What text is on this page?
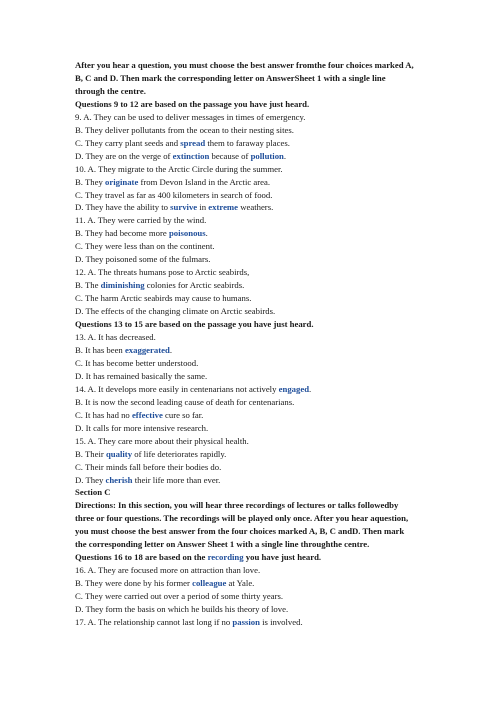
After you hear a question, you must choose the best answer fromthe four choices marked A,
B, C and D. Then mark the corresponding letter on AnswerSheet 1 with a single line
through the centre.
Questions 9 to 12 are based on the passage you have just heard.
9. A. They can be used to deliver messages in times of emergency.
B. They deliver pollutants from the ocean to their nesting sites.
C. They carry plant seeds and spread them to faraway places.
D. They are on the verge of extinction because of pollution.
10. A. They migrate to the Arctic Circle during the summer.
B. They originate from Devon Island in the Arctic area.
C. They travel as far as 400 kilometers in search of food.
D. They have the ability to survive in extreme weathers.
11. A. They were carried by the wind.
B. They had become more poisonous.
C. They were less than on the continent.
D. They poisoned some of the fulmars.
12. A. The threats humans pose to Arctic seabirds,
B. The diminishing colonies for Arctic seabirds.
C. The harm Arctic seabirds may cause to humans.
D. The effects of the changing climate on Arctic seabirds.
Questions 13 to 15 are based on the passage you have just heard.
13. A. It has decreased.
B. It has been exaggerated.
C. It has become better understood.
D. It has remained basically the same.
14. A. It develops more easily in centenarians not actively engaged.
B. It is now the second leading cause of death for centenarians.
C. It has had no effective cure so far.
D. It calls for more intensive research.
15. A. They care more about their physical health.
B. Their quality of life deteriorates rapidly.
C. Their minds fall before their bodies do.
D. They cherish their life more than ever.
Section C
Directions: In this section, you will hear three recordings of lectures or talks followedby
three or four questions. The recordings will be played only once. After you hear aquestion,
you must choose the best answer from the four choices marked A, B, C andD. Then mark
the corresponding letter on Answer Sheet 1 with a single line throughthe centre.
Questions 16 to 18 are based on the recording you have just heard.
16. A. They are focused more on attraction than love.
B. They were done by his former colleague at Yale.
C. They were carried out over a period of some thirty years.
D. They form the basis on which he builds his theory of love.
17. A. The relationship cannot last long if no passion is involved.
